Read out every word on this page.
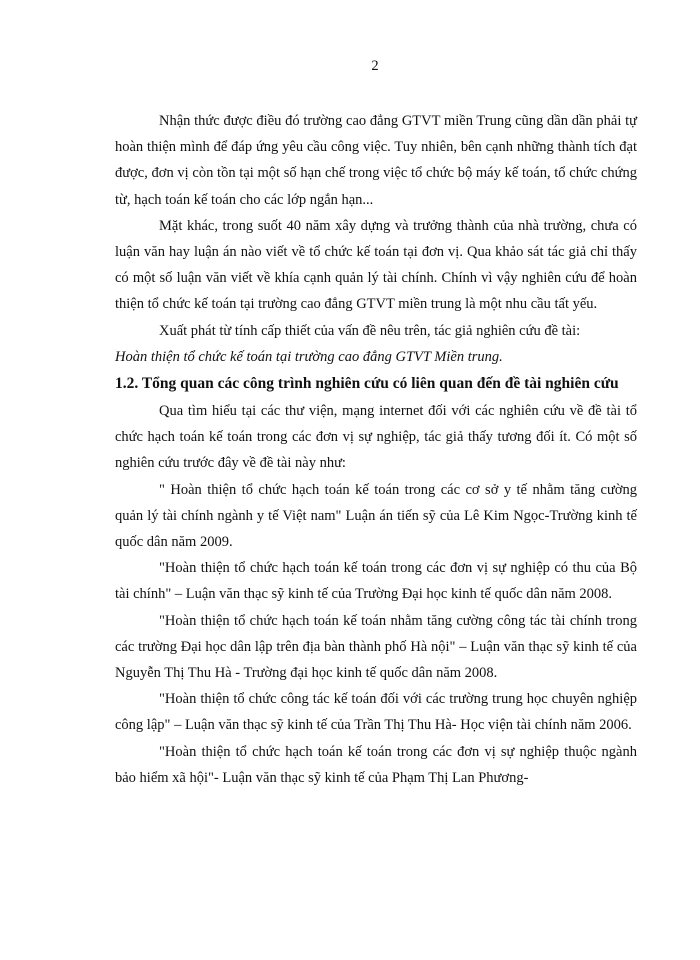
2

Nhận thức được điều đó trường cao đẳng GTVT miền Trung cũng dần dần phải tự hoàn thiện mình để đáp ứng yêu cầu công việc. Tuy nhiên, bên cạnh những thành tích đạt được, đơn vị còn tồn tại một số hạn chế trong việc tổ chức bộ máy kế toán, tổ chức chứng từ, hạch toán kế toán cho các lớp ngắn hạn...

Mặt khác, trong suốt 40 năm xây dựng và trưởng thành của nhà trường, chưa có luận văn hay luận án nào viết về tổ chức kế toán tại đơn vị. Qua khảo sát tác giả chỉ thấy có một số luận văn viết về khía cạnh quản lý tài chính. Chính vì vậy nghiên cứu để hoàn thiện tổ chức kế toán tại trường cao đẳng GTVT miền trung là một nhu cầu tất yếu.

Xuất phát từ tính cấp thiết của vấn đề nêu trên, tác giả nghiên cứu đề tài:

Hoàn thiện tổ chức kế toán tại trường cao đẳng GTVT Miền trung.

1.2. Tổng quan các công trình nghiên cứu có liên quan đến đề tài nghiên cứu

Qua tìm hiểu tại các thư viện, mạng internet đối với các nghiên cứu về đề tài tổ chức hạch toán kế toán trong các đơn vị sự nghiệp, tác giả thấy tương đối ít. Có một số nghiên cứu trước đây về đề tài này như:

" Hoàn thiện tổ chức hạch toán kế toán trong các cơ sở y tế nhằm tăng cường quản lý tài chính ngành y tế Việt nam" Luận án tiến sỹ của Lê Kim Ngọc-Trường kinh tế quốc dân năm 2009.

"Hoàn thiện tổ chức hạch toán kế toán trong các đơn vị sự nghiệp có thu của Bộ tài chính" – Luận văn thạc sỹ kinh tế của Trường Đại học kinh tế quốc dân năm 2008.

"Hoàn thiện tổ chức hạch toán kế toán nhằm tăng cường công tác tài chính trong các trường Đại học dân lập trên địa bàn thành phố Hà nội" – Luận văn thạc sỹ kinh tế của Nguyễn Thị Thu Hà - Trường đại học kinh tế quốc dân năm 2008.

"Hoàn thiện tổ chức công tác kế toán đối với các trường trung học chuyên nghiệp công lập" – Luận văn thạc sỹ kinh tế của Trần Thị Thu Hà- Học viện tài chính năm 2006.

"Hoàn thiện tổ chức hạch toán kế toán trong các đơn vị sự nghiệp thuộc ngành bảo hiểm xã hội"- Luận văn thạc sỹ kinh tế của Phạm Thị Lan Phương-
